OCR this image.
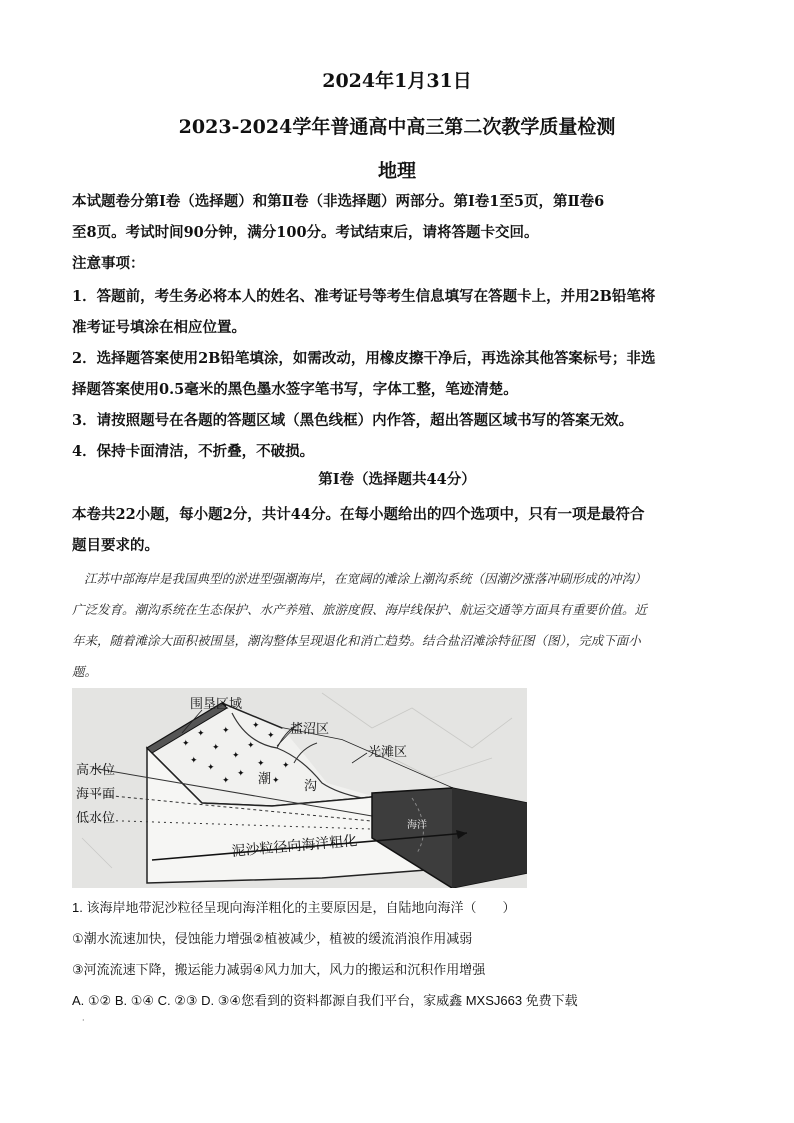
2024年1月31日
2023-2024学年普通高中高三第二次教学质量检测
地理
本试题卷分第Ⅰ卷（选择题）和第Ⅱ卷（非选择题）两部分。第Ⅰ卷1至5页，第Ⅱ卷6
至8页。考试时间90分钟，满分100分。考试结束后，请将答题卡交回。
注意事项：
1．答题前，考生务必将本人的姓名、准考证号等考生信息填写在答题卡上，并用2B铅笔将
准考证号填涂在相应位置。
2．选择题答案使用2B铅笔填涂，如需改动，用橡皮擦干净后，再选涂其他答案标号；非选
择题答案使用0.5毫米的黑色墨水签字笔书写，字体工整，笔迹清楚。
3．请按照题号在各题的答题区域（黑色线框）内作答，超出答题区域书写的答案无效。
4．保持卡面清洁，不折叠，不破损。
第Ⅰ卷（选择题共44分）
本卷共22小题，每小题2分，共计44分。在每小题给出的四个选项中，只有一项是最符合
题目要求的。
江苏中部海岸是我国典型的淤进型强潮海岸，在宽阔的滩涂上潮沟系统（因潮汐涨落冲刷形成的冲沟）
广泛发育。潮沟系统在生态保护、水产养殖、旅游度假、海岸线保护、航运交通等方面具有重要价值。近
年来，随着滩涂大面积被围垦，潮沟整体呈现退化和消亡趋势。结合盐沼滩涂特征图（图），完成下面小
题。
✦
✦
✦
✦
✦
✦
✦
✦
✦
✦
✦
✦
✦
✦
✦
围垦区域
盐沼区
光滩区
高水位
海平面
低水位
潮	沟
泥沙粒径向海洋粗化
海洋
1. 该海岸地带泥沙粒径呈现向海洋粗化的主要原因是，自陆地向海洋（　　）
①潮水流速加快，侵蚀能力增强②植被减少，植被的缓流消浪作用减弱
③河流流速下降，搬运能力减弱④风力加大，风力的搬运和沉积作用增强
A. ①② B. ①④ C. ②③ D. ③④您看到的资料都源自我们平台，家威鑫 MXSJ663 免费下载
·
